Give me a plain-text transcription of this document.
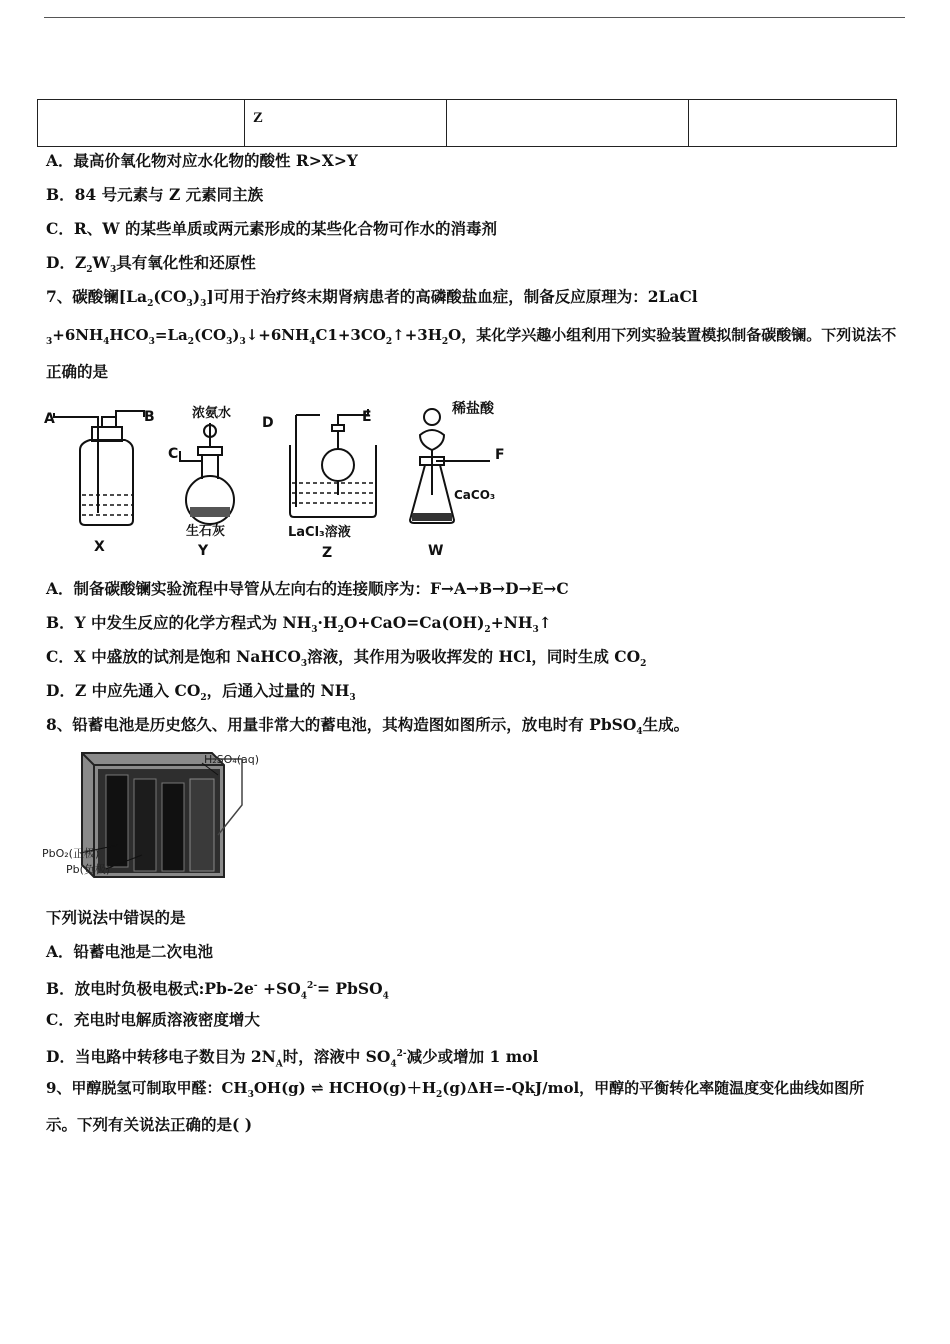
	Z		
A．最高价氧化物对应水化物的酸性 R>X>Y
B．84 号元素与 Z 元素同主族
C．R、W 的某些单质或两元素形成的某些化合物可作水的消毒剂
D．$Z_2W_3$具有氧化性和还原性
7、碳酸镧$[La_2(CO_3)_3]$可用于治疗终末期肾病患者的高磷酸盐血症，制备反应原理为：2LaCl
$_3+6NH_4HCO_3=La_2(CO_3)_3↓+6NH_4C1+3CO_2↑+3H_2O$，某化学兴趣小组利用下列实验装置模拟制备碳酸镧。下列说法不
正确的是
A	B
C
D	E
F
浓氨水
生石灰	LaCl₃溶液
稀盐酸
CaCO₃
X	Y	Z	W
A．制备碳酸镧实验流程中导管从左向右的连接顺序为：F→A→B→D→E→C
B．Y 中发生反应的化学方程式为 $NH_3\cdot H_2O+CaO=Ca(OH)_2+NH_3↑$
C．X 中盛放的试剂是饱和 NaHCO$_3$溶液，其作用为吸收挥发的 HCl，同时生成 $CO_2$
D．Z 中应先通入 $CO_2$，后通入过量的 $NH_3$
8、铅蓄电池是历史悠久、用量非常大的蓄电池，其构造图如图所示，放电时有 PbSO$_4$生成。
H₂SO₄(aq)
PbO₂(正极)
Pb(负极)
下列说法中错误的是
A．铅蓄电池是二次电池
B．放电时负极电极式:Pb-2e- $+SO_4^{2-}=$ PbSO$_4$
C．充电时电解质溶液密度增大
D．当电路中转移电子数目为 $2N_A$时，溶液中 $SO_4^{2-}$减少或增加 1 mol
9、甲醇脱氢可制取甲醛：$CH_3OH(g)$ ⇌ $HCHO(g)+H_2(g)\Delta H=-QkJ$/mol，甲醇的平衡转化率随温度变化曲线如图所
示。下列有关说法正确的是( )
